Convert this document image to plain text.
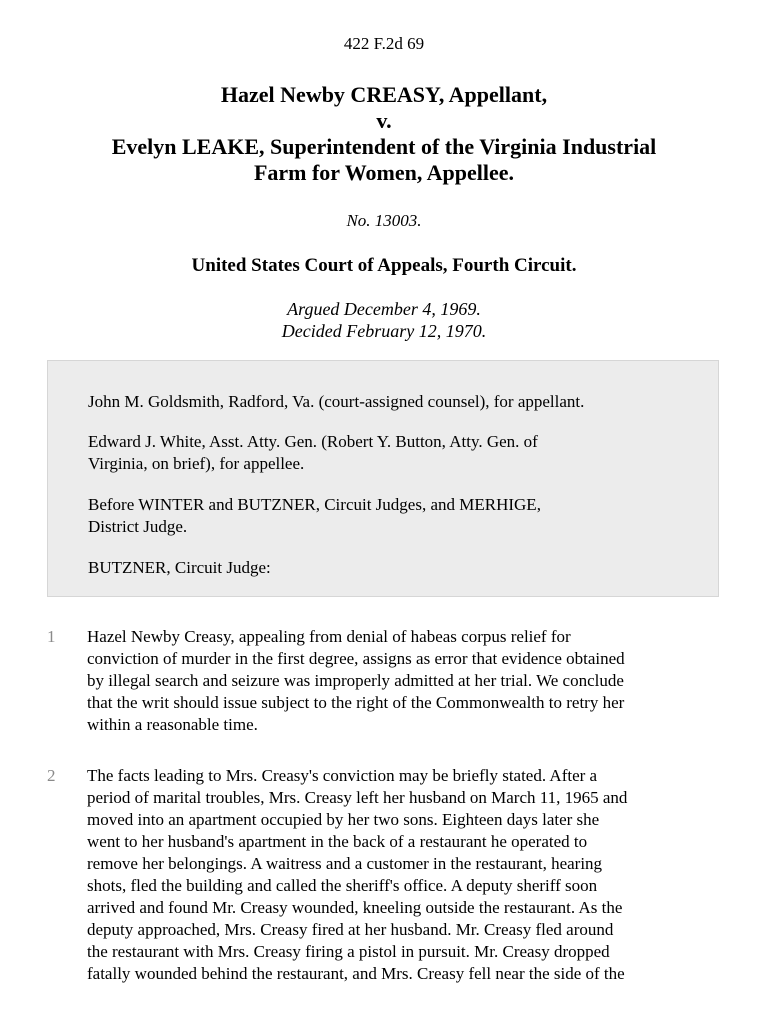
422 F.2d 69
Hazel Newby CREASY, Appellant,
v.
Evelyn LEAKE, Superintendent of the Virginia Industrial
Farm for Women, Appellee.
No. 13003.
United States Court of Appeals, Fourth Circuit.
Argued December 4, 1969.
Decided February 12, 1970.

John M. Goldsmith, Radford, Va. (court-assigned counsel), for appellant.

Edward J. White, Asst. Atty. Gen. (Robert Y. Button, Atty. Gen. of
Virginia, on brief), for appellee.

Before WINTER and BUTZNER, Circuit Judges, and MERHIGE,
District Judge.

BUTZNER, Circuit Judge:

1 Hazel Newby Creasy, appealing from denial of habeas corpus relief for
conviction of murder in the first degree, assigns as error that evidence obtained
by illegal search and seizure was improperly admitted at her trial. We conclude
that the writ should issue subject to the right of the Commonwealth to retry her
within a reasonable time.

2 The facts leading to Mrs. Creasy's conviction may be briefly stated. After a
period of marital troubles, Mrs. Creasy left her husband on March 11, 1965 and
moved into an apartment occupied by her two sons. Eighteen days later she
went to her husband's apartment in the back of a restaurant he operated to
remove her belongings. A waitress and a customer in the restaurant, hearing
shots, fled the building and called the sheriff's office. A deputy sheriff soon
arrived and found Mr. Creasy wounded, kneeling outside the restaurant. As the
deputy approached, Mrs. Creasy fired at her husband. Mr. Creasy fled around
the restaurant with Mrs. Creasy firing a pistol in pursuit. Mr. Creasy dropped
fatally wounded behind the restaurant, and Mrs. Creasy fell near the side of the
